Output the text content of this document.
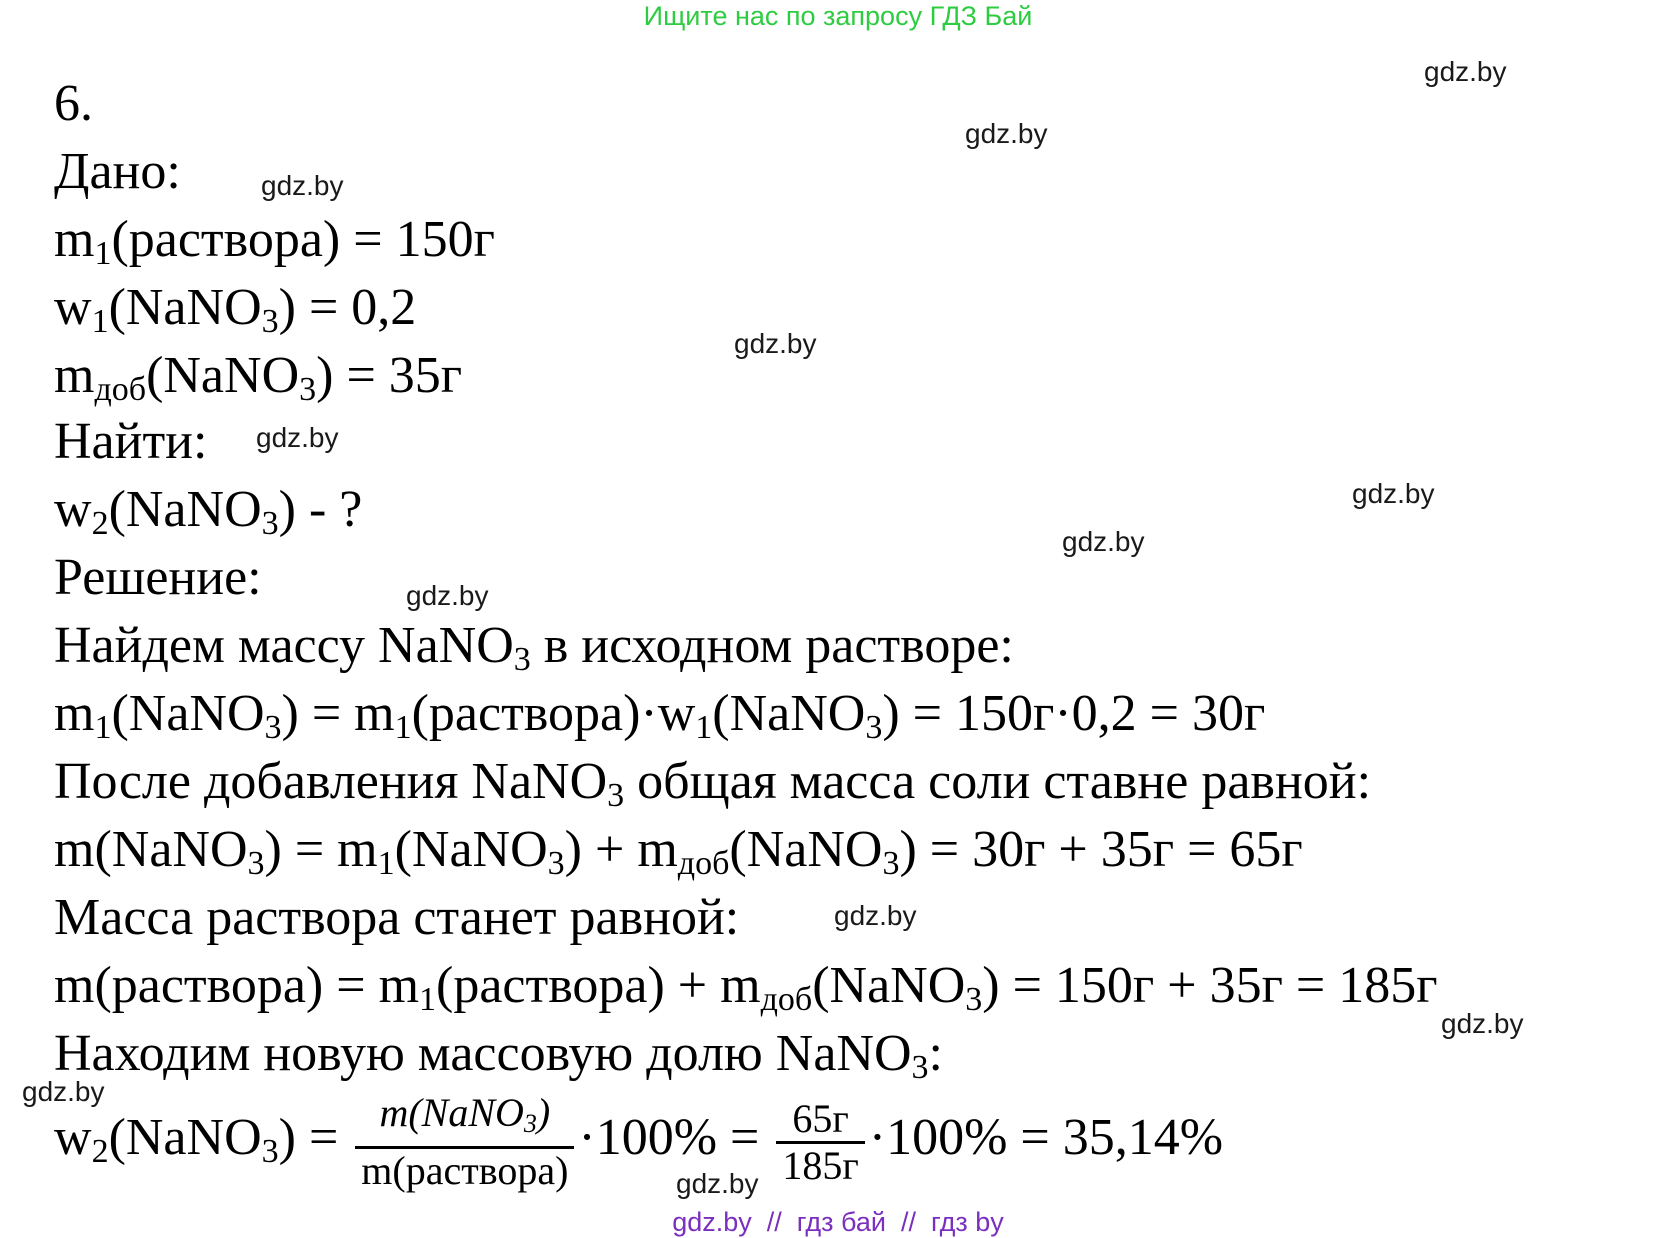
Ищите нас по запросу ГДЗ Бай
gdz.by
gdz.by
gdz.by
gdz.by
gdz.by
gdz.by
gdz.by
gdz.by
gdz.by
gdz.by
gdz.by
gdz.by
6.
Дано:
$m_1(раствора) = 150г$
$w_1(NaNO_3) = 0,2$
$m_{доб}(NaNO_3) = 35г$
Найти:
$w_2(NaNO_3)$ - ?
Решение:
Найдем массу NaNO$_3$ в исходном растворе:
$m_1(NaNO_3)$ = $m_1(раствора)\cdot w_1(NaNO_3) = 150г\cdot 0,2 = 30г$
После добавления NaNO$_3$ общая масса соли ставне равной:
m(NaNO$_3$) = $m_1(NaNO_3)$ + $m_{доб}(NaNO_3) = 30г + 35г = 65г$
Масса раствора станет равной:
m(раствора) = $m_1(раствора)$ + $m_{доб}(NaNO_3) = 150г + 35г = 185г$
Находим новую массовую долю NaNO$_3$:
$w_2(NaNO_3) = \frac{m(NaNO_3)}{\text{m(раствора)}} \cdot 100\% = \frac{65г}{185г} \cdot 100\% = 35,14\%$
gdz.by  //  гдз бай  //  гдз by
